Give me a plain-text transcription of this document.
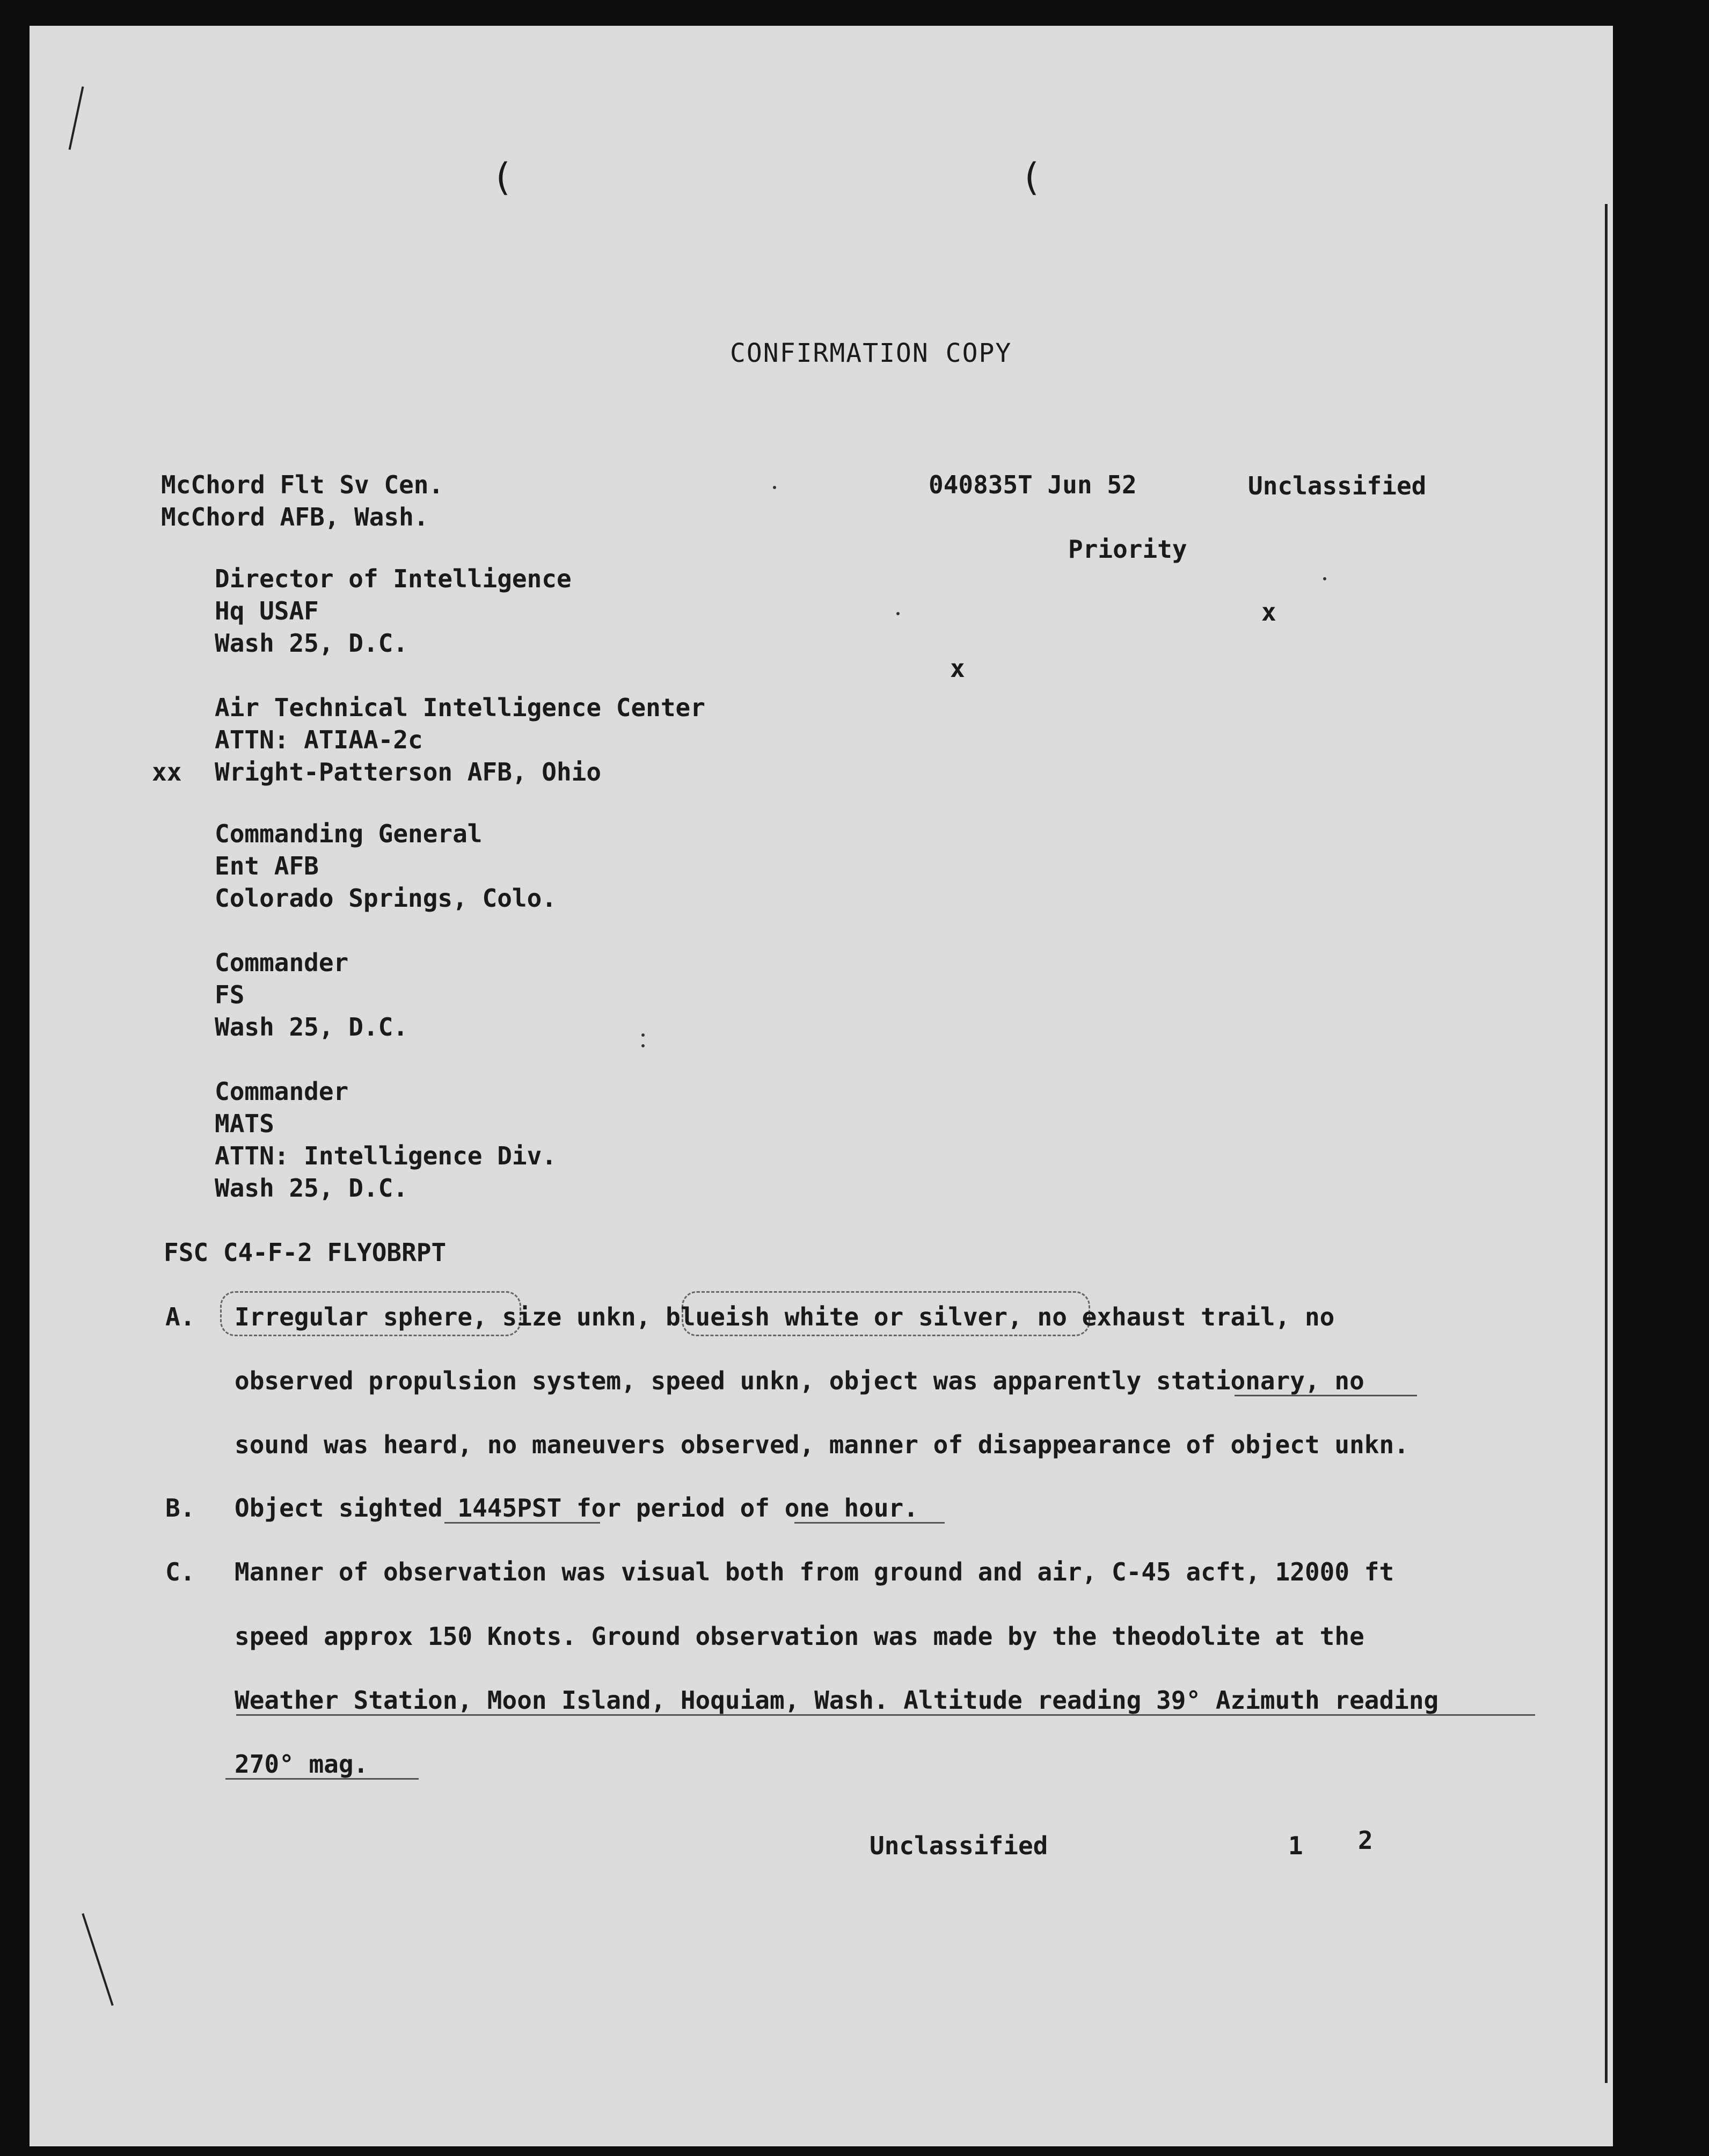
(	(
CONFIRMATION COPY
McChord Flt Sv Cen.
McChord AFB, Wash.
040835T Jun 52	Unclassified
Priority
x
x
Director of Intelligence
Hq USAF
Wash 25, D.C.
Air Technical Intelligence Center
ATTN: ATIAA-2c
xx Wright-Patterson AFB, Ohio
Commanding General
Ent AFB
Colorado Springs, Colo.
Commander
FS
Wash 25, D.C.
Commander
MATS
ATTN: Intelligence Div.
Wash 25, D.C.
FSC C4-F-2 FLYOBRPT
A. Irregular sphere, size unkn, blueish white or silver, no exhaust trail, no
observed propulsion system, speed unkn, object was apparently stationary, no
sound was heard, no maneuvers observed, manner of disappearance of object unkn.
B. Object sighted 1445PST for period of one hour.
C. Manner of observation was visual both from ground and air, C-45 acft, 12000 ft
speed approx 150 Knots. Ground observation was made by the theodolite at the
Weather Station, Moon Island, Hoquiam, Wash. Altitude reading 39° Azimuth reading
270° mag.
Unclassified	1 2
